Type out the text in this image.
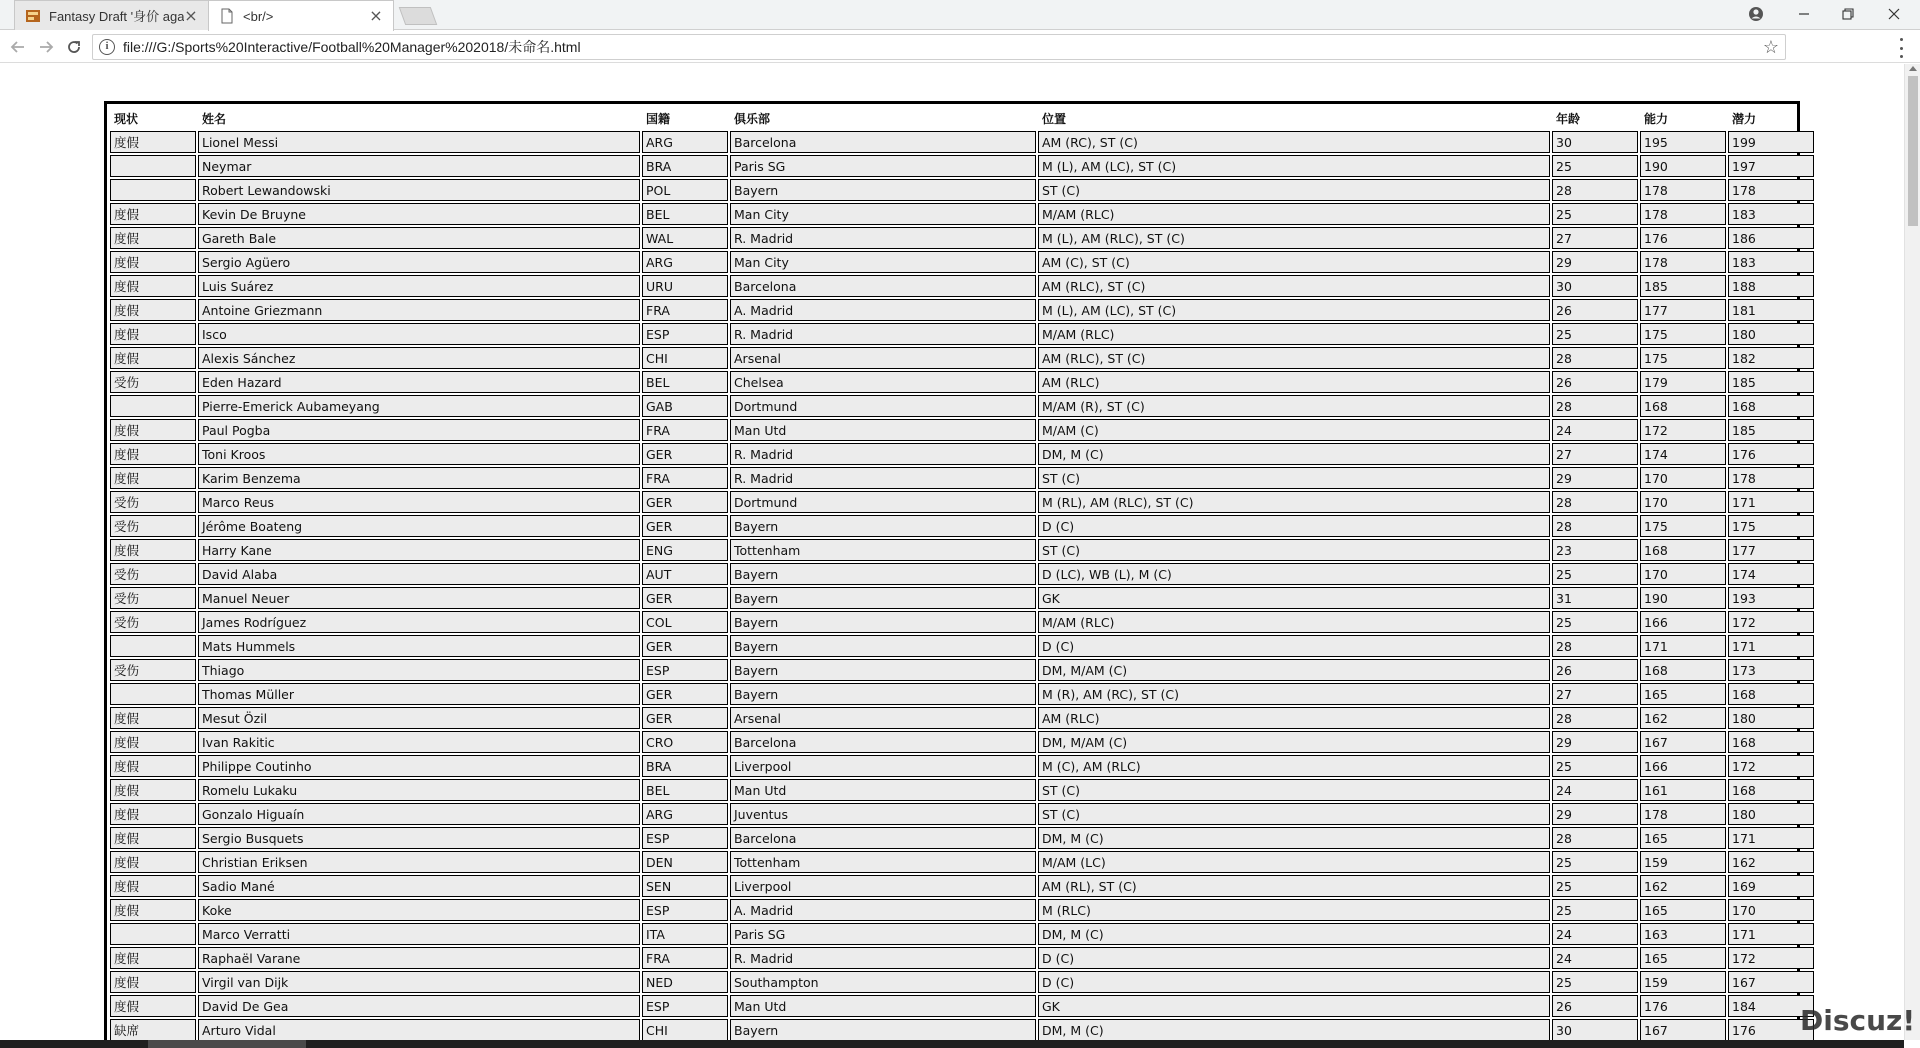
Fantasy Draft '身价 aga ×	<br/>	×
i	file:///G:/Sports%20Interactive/Football%20Manager%202018/未命名.html	☆
现状	姓名	国籍	俱乐部	位置	年龄	能力	潜力
度假	Lionel Messi	ARG	Barcelona	AM (RC), ST (C)	30	195	199
	Neymar	BRA	Paris SG	M (L), AM (LC), ST (C)	25	190	197
	Robert Lewandowski	POL	Bayern	ST (C)	28	178	178
度假	Kevin De Bruyne	BEL	Man City	M/AM (RLC)	25	178	183
度假	Gareth Bale	WAL	R. Madrid	M (L), AM (RLC), ST (C)	27	176	186
度假	Sergio Agüero	ARG	Man City	AM (C), ST (C)	29	178	183
度假	Luis Suárez	URU	Barcelona	AM (RLC), ST (C)	30	185	188
度假	Antoine Griezmann	FRA	A. Madrid	M (L), AM (LC), ST (C)	26	177	181
度假	Isco	ESP	R. Madrid	M/AM (RLC)	25	175	180
度假	Alexis Sánchez	CHI	Arsenal	AM (RLC), ST (C)	28	175	182
受伤	Eden Hazard	BEL	Chelsea	AM (RLC)	26	179	185
	Pierre-Emerick Aubameyang	GAB	Dortmund	M/AM (R), ST (C)	28	168	168
度假	Paul Pogba	FRA	Man Utd	M/AM (C)	24	172	185
度假	Toni Kroos	GER	R. Madrid	DM, M (C)	27	174	176
度假	Karim Benzema	FRA	R. Madrid	ST (C)	29	170	178
受伤	Marco Reus	GER	Dortmund	M (RL), AM (RLC), ST (C)	28	170	171
受伤	Jérôme Boateng	GER	Bayern	D (C)	28	175	175
度假	Harry Kane	ENG	Tottenham	ST (C)	23	168	177
受伤	David Alaba	AUT	Bayern	D (LC), WB (L), M (C)	25	170	174
受伤	Manuel Neuer	GER	Bayern	GK	31	190	193
受伤	James Rodríguez	COL	Bayern	M/AM (RLC)	25	166	172
	Mats Hummels	GER	Bayern	D (C)	28	171	171
受伤	Thiago	ESP	Bayern	DM, M/AM (C)	26	168	173
	Thomas Müller	GER	Bayern	M (R), AM (RC), ST (C)	27	165	168
度假	Mesut Özil	GER	Arsenal	AM (RLC)	28	162	180
度假	Ivan Rakitic	CRO	Barcelona	DM, M/AM (C)	29	167	168
度假	Philippe Coutinho	BRA	Liverpool	M (C), AM (RLC)	25	166	172
度假	Romelu Lukaku	BEL	Man Utd	ST (C)	24	161	168
度假	Gonzalo Higuaín	ARG	Juventus	ST (C)	29	178	180
度假	Sergio Busquets	ESP	Barcelona	DM, M (C)	28	165	171
度假	Christian Eriksen	DEN	Tottenham	M/AM (LC)	25	159	162
度假	Sadio Mané	SEN	Liverpool	AM (RL), ST (C)	25	162	169
度假	Koke	ESP	A. Madrid	M (RLC)	25	165	170
	Marco Verratti	ITA	Paris SG	DM, M (C)	24	163	171
度假	Raphaël Varane	FRA	R. Madrid	D (C)	24	165	172
度假	Virgil van Dijk	NED	Southampton	D (C)	25	159	167
度假	David De Gea	ESP	Man Utd	GK	26	176	184
缺席	Arturo Vidal	CHI	Bayern	DM, M (C)	30	167	176 Discuz!
